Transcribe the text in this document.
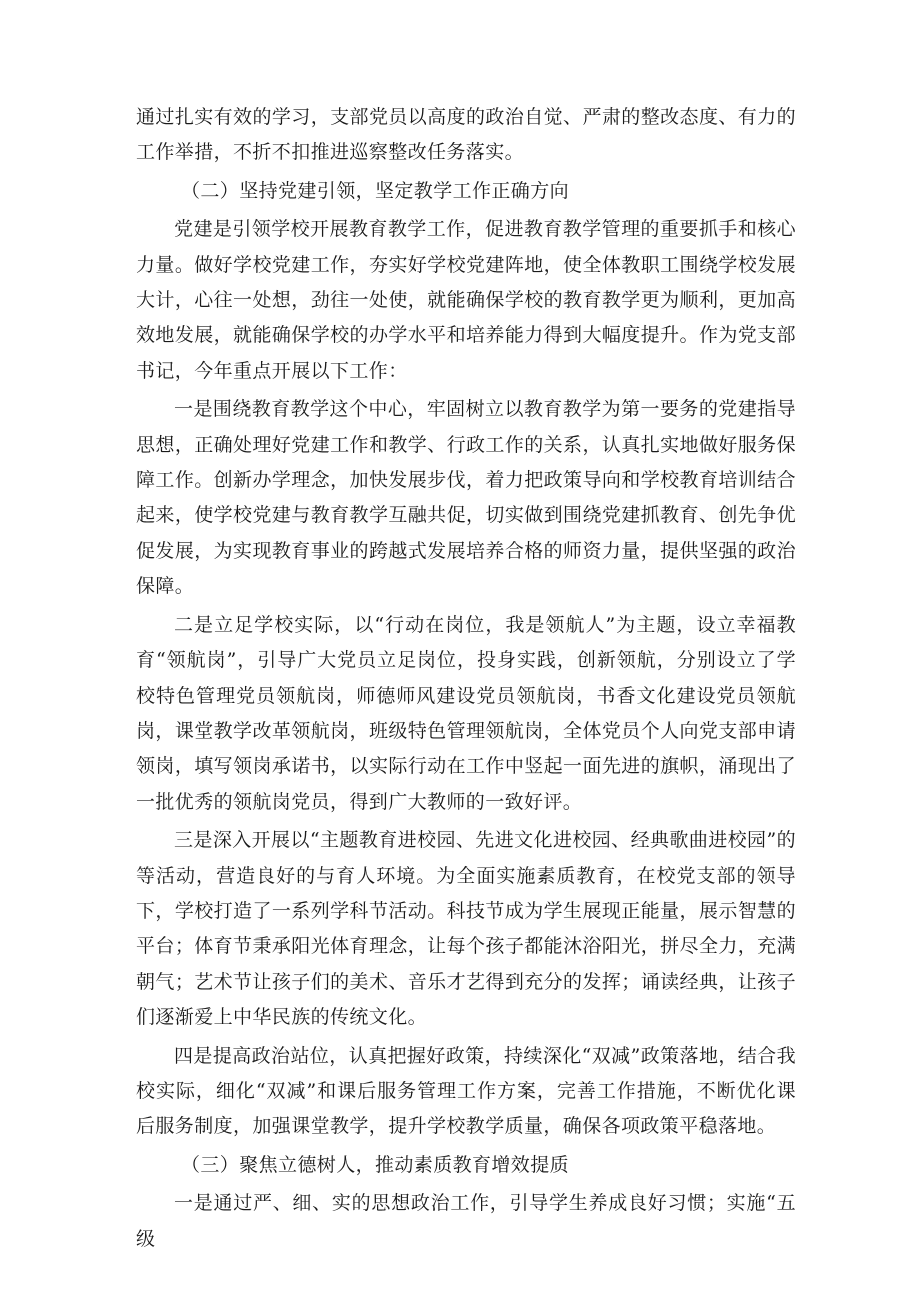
通过扎实有效的学习，支部党员以高度的政治自觉、严肃的整改态度、有力的工作举措，不折不扣推进巡察整改任务落实。

（二）坚持党建引领，坚定教学工作正确方向

党建是引领学校开展教育教学工作，促进教育教学管理的重要抓手和核心力量。做好学校党建工作，夯实好学校党建阵地，使全体教职工围绕学校发展大计，心往一处想，劲往一处使，就能确保学校的教育教学更为顺利，更加高效地发展，就能确保学校的办学水平和培养能力得到大幅度提升。作为党支部书记，今年重点开展以下工作：

一是围绕教育教学这个中心，牢固树立以教育教学为第一要务的党建指导思想，正确处理好党建工作和教学、行政工作的关系，认真扎实地做好服务保障工作。创新办学理念，加快发展步伐，着力把政策导向和学校教育培训结合起来，使学校党建与教育教学互融共促，切实做到围绕党建抓教育、创先争优促发展，为实现教育事业的跨越式发展培养合格的师资力量，提供坚强的政治保障。

二是立足学校实际，以“行动在岗位，我是领航人”为主题，设立幸福教育“领航岗”，引导广大党员立足岗位，投身实践，创新领航，分别设立了学校特色管理党员领航岗，师德师风建设党员领航岗，书香文化建设党员领航岗，课堂教学改革领航岗，班级特色管理领航岗，全体党员个人向党支部申请领岗，填写领岗承诺书，以实际行动在工作中竖起一面先进的旗帜，涌现出了一批优秀的领航岗党员，得到广大教师的一致好评。

三是深入开展以“主题教育进校园、先进文化进校园、经典歌曲进校园”的等活动，营造良好的与育人环境。为全面实施素质教育，在校党支部的领导下，学校打造了一系列学科节活动。科技节成为学生展现正能量，展示智慧的平台；体育节秉承阳光体育理念，让每个孩子都能沐浴阳光，拼尽全力，充满朝气；艺术节让孩子们的美术、音乐才艺得到充分的发挥；诵读经典，让孩子们逐渐爱上中华民族的传统文化。

四是提高政治站位，认真把握好政策，持续深化“双减”政策落地，结合我校实际，细化“双减”和课后服务管理工作方案，完善工作措施，不断优化课后服务制度，加强课堂教学，提升学校教学质量，确保各项政策平稳落地。

（三）聚焦立德树人，推动素质教育增效提质

一是通过严、细、实的思想政治工作，引导学生养成良好习惯；实施“五级
